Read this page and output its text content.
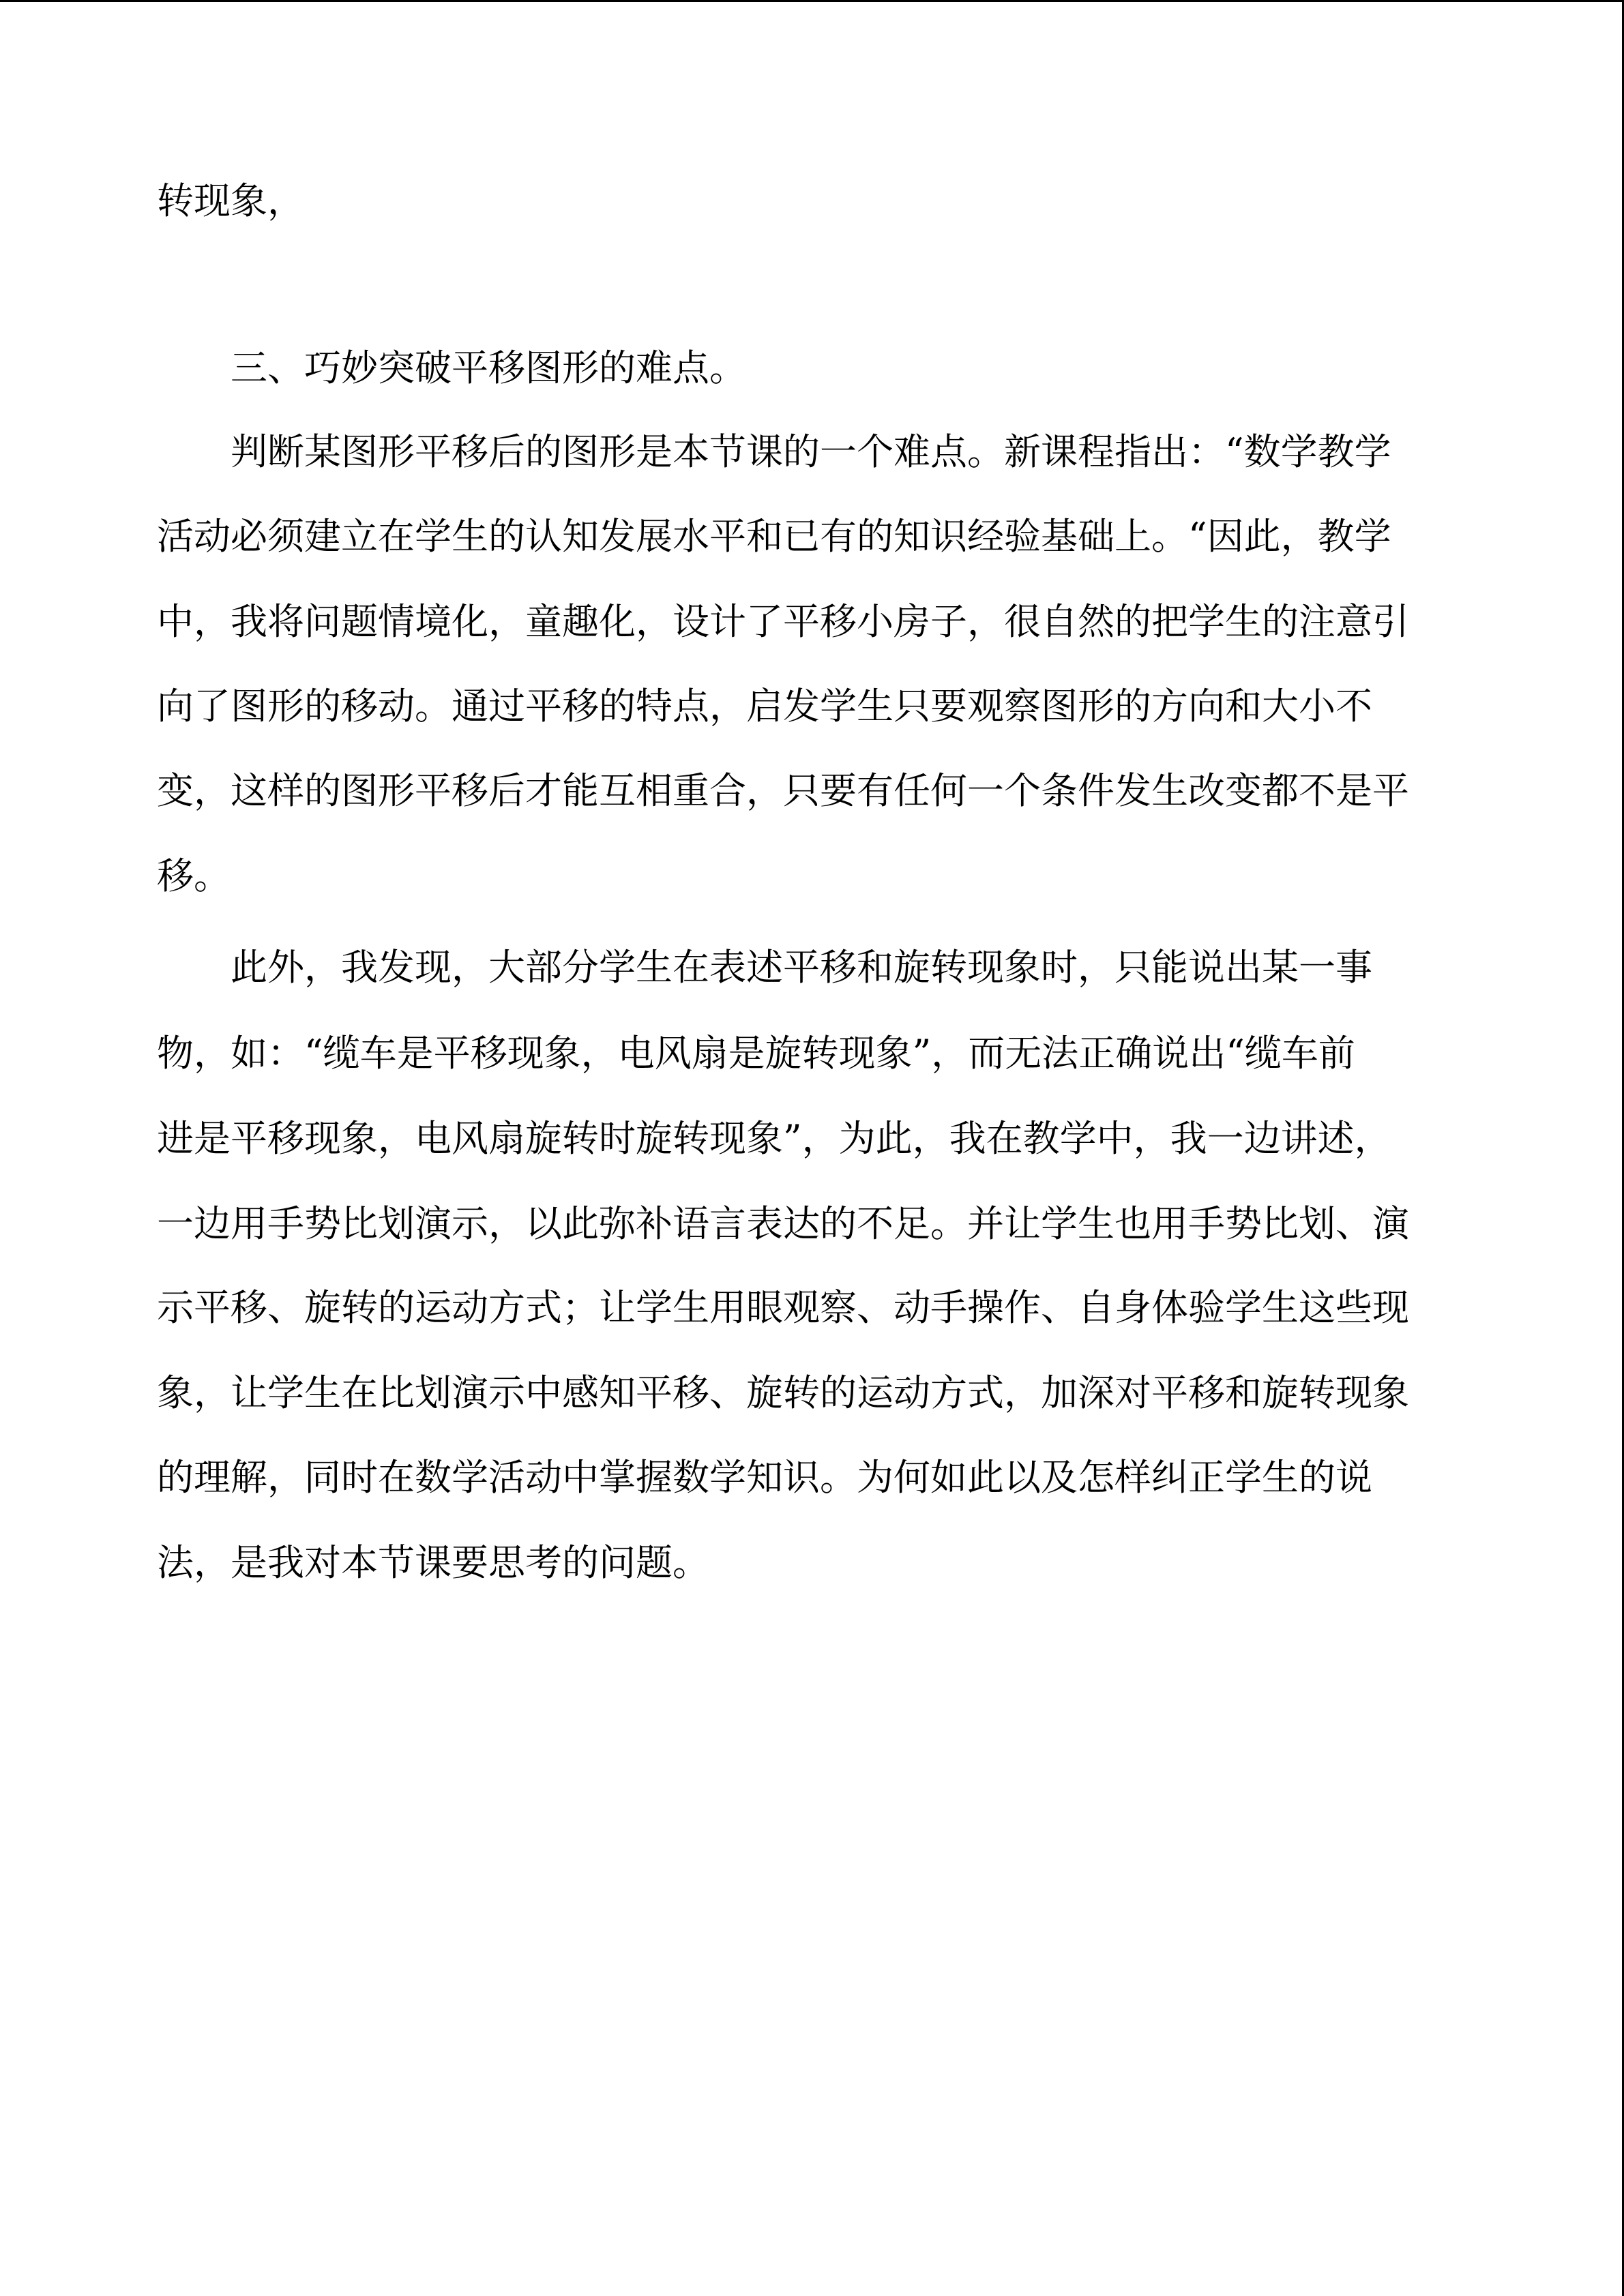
转现象，

三、巧妙突破平移图形的难点。

判断某图形平移后的图形是本节课的一个难点。新课程指出：“数学教学

活动必须建立在学生的认知发展水平和已有的知识经验基础上。“因此，教学

中，我将问题情境化，童趣化，设计了平移小房子，很自然的把学生的注意引

向了图形的移动。通过平移的特点，启发学生只要观察图形的方向和大小不

变，这样的图形平移后才能互相重合，只要有任何一个条件发生改变都不是平

移。

此外，我发现，大部分学生在表述平移和旋转现象时，只能说出某一事

物，如：“缆车是平移现象，电风扇是旋转现象”，而无法正确说出“缆车前

进是平移现象，电风扇旋转时旋转现象”，为此，我在教学中，我一边讲述，

一边用手势比划演示，以此弥补语言表达的不足。并让学生也用手势比划、演

示平移、旋转的运动方式；让学生用眼观察、动手操作、自身体验学生这些现

象，让学生在比划演示中感知平移、旋转的运动方式，加深对平移和旋转现象

的理解，同时在数学活动中掌握数学知识。为何如此以及怎样纠正学生的说

法，是我对本节课要思考的问题。
